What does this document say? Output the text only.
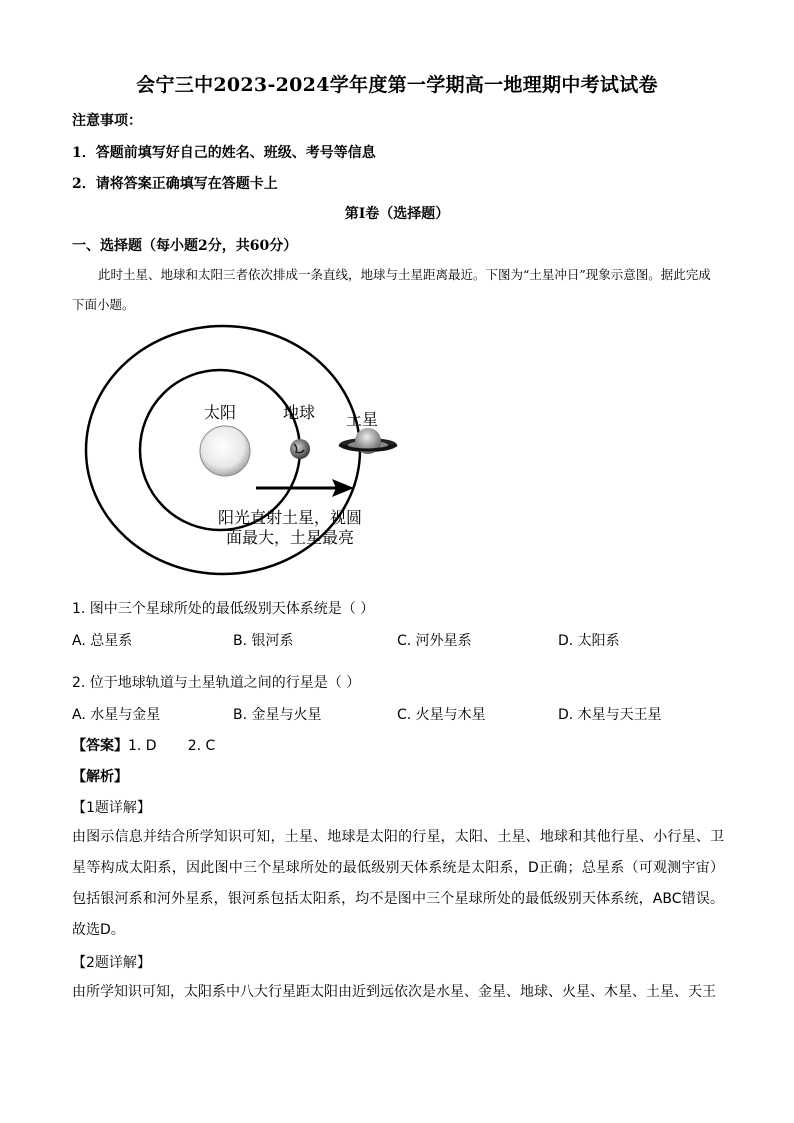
会宁三中2023-2024学年度第一学期高一地理期中考试试卷
注意事项：
1．答题前填写好自己的姓名、班级、考号等信息
2．请将答案正确填写在答题卡上
第I卷（选择题）
一、选择题（每小题2分，共60分）
此时土星、地球和太阳三者依次排成一条直线，地球与土星距离最近。下图为“土星冲日”现象示意图。据此完成下面小题。
太阳	地球 土星
阳光直射土星，视圆
面最大，土星最亮
1. 图中三个星球所处的最低级别天体系统是（ ）
A. 总星系	B. 银河系	C. 河外星系	D. 太阳系
2. 位于地球轨道与土星轨道之间的行星是（ ）
A. 水星与金星	B. 金星与火星	C. 火星与木星	D. 木星与天王星
【答案】1. D       2. C
【解析】
【1题详解】
由图示信息并结合所学知识可知，土星、地球是太阳的行星，太阳、土星、地球和其他行星、小行星、卫星等构成太阳系，因此图中三个星球所处的最低级别天体系统是太阳系，D正确；总星系（可观测宇宙）包括银河系和河外星系，银河系包括太阳系，均不是图中三个星球所处的最低级别天体系统，ABC错误。故选D。
【2题详解】
由所学知识可知，太阳系中八大行星距太阳由近到远依次是水星、金星、地球、火星、木星、土星、天王
